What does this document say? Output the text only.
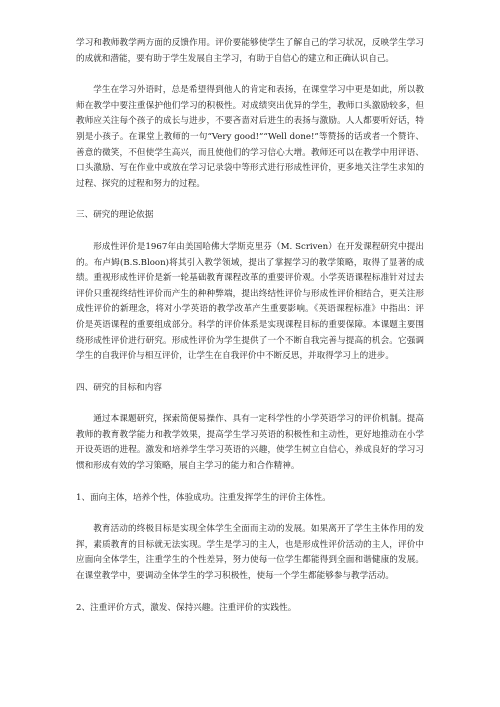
学习和教师教学两方面的反馈作用。评价要能够使学生了解自己的学习状况，反映学生学习的成就和潜能，要有助于学生发展自主学习，有助于自信心的建立和正确认识自己。

学生在学习外语时，总是希望得到他人的肯定和表扬，在课堂学习中更是如此，所以教师在教学中要注重保护他们学习的积极性。对成绩突出优异的学生，教师口头激励较多，但教师应关注每个孩子的成长与进步，不要吝啬对后进生的表扬与激励。人人都要听好话，特别是小孩子。在课堂上教师的一句“Very good!”“Well done!”等赞扬的话或者一个赞许、善意的微笑，不但使学生高兴，而且使他们的学习信心大增。教师还可以在教学中用评语、口头激励、写在作业中或放在学习记录袋中等形式进行形成性评价，更多地关注学生求知的过程、探究的过程和努力的过程。

三、研究的理论依据

形成性评价是1967年由美国哈佛大学斯克里芬（M. Scriven）在开发课程研究中提出的。布卢姆(B.S.Bloon)将其引入教学领域，提出了掌握学习的教学策略，取得了显著的成绩。重视形成性评价是新一轮基础教育课程改革的重要评价观。小学英语课程标准针对过去评价只重视终结性评价而产生的种种弊端，提出终结性评价与形成性评价相结合，更关注形成性评价的新理念，将对小学英语的教学改革产生重要影响。《英语课程标准》中指出：评价是英语课程的重要组成部分。科学的评价体系是实现课程目标的重要保障。本课题主要围绕形成性评价进行研究。形成性评价为学生提供了一个不断自我完善与提高的机会。它强调学生的自我评价与相互评价，让学生在自我评价中不断反思，并取得学习上的进步。

四、研究的目标和内容

通过本课题研究，探索简便易操作、具有一定科学性的小学英语学习的评价机制。提高教师的教育教学能力和教学效果，提高学生学习英语的积极性和主动性，更好地推动在小学开设英语的进程。激发和培养学生学习英语的兴趣，使学生树立自信心，养成良好的学习习惯和形成有效的学习策略，展自主学习的能力和合作精神。

1、面向主体，培养个性，体验成功。注重发挥学生的评价主体性。

教育活动的终极目标是实现全体学生全面而主动的发展。如果离开了学生主体作用的发挥，素质教育的目标就无法实现。学生是学习的主人，也是形成性评价活动的主人，评价中应面向全体学生，注重学生的个性差异，努力使每一位学生都能得到全面和谐健康的发展。在课堂教学中，要调动全体学生的学习积极性，使每一个学生都能够参与教学活动。

2、注重评价方式，激发、保持兴趣。注重评价的实践性。
